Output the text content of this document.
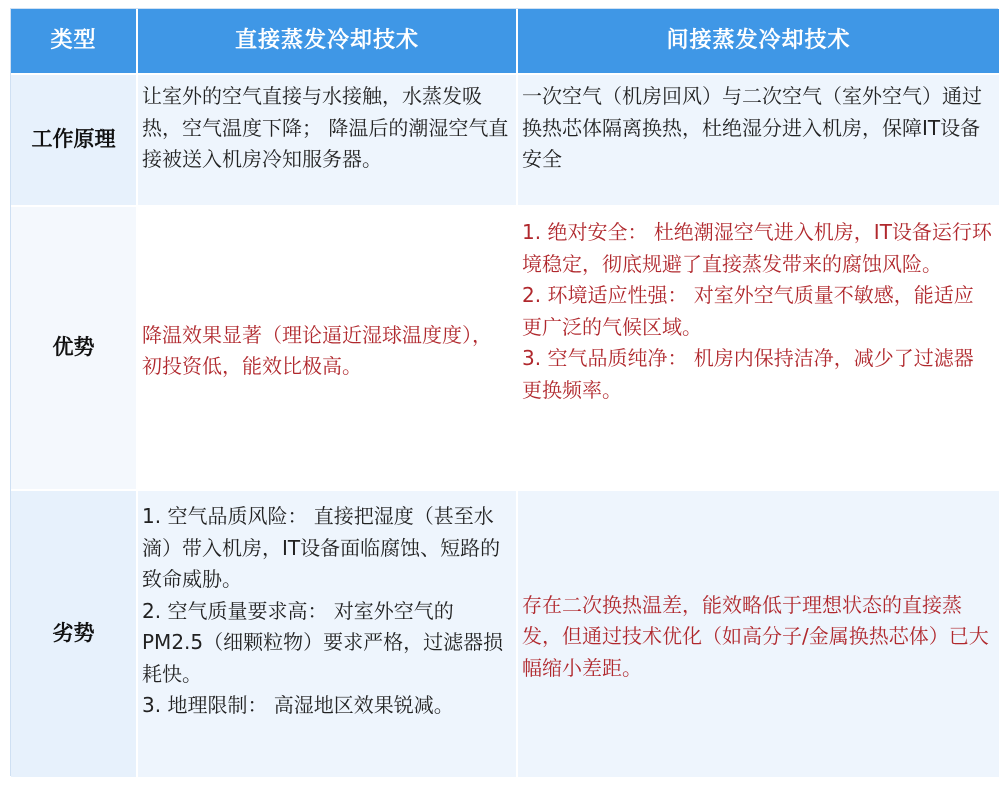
类型	直接蒸发冷却技术	间接蒸发冷却技术
工作原理
让室外的空气直接与水接触，水蒸发吸热，空气温度下降； 降温后的潮湿空气直接被送入机房冷知服务器。
一次空气（机房回风）与二次空气（室外空气）通过换热芯体隔离换热，杜绝湿分进入机房，保障IT设备安全
优势
降温效果显著（理论逼近湿球温度度），初投资低，能效比极高。

1. 绝对安全： 杜绝潮湿空气进入机房，IT设备运行环境稳定，彻底规避了直接蒸发带来的腐蚀风险。

2. 环境适应性强： 对室外空气质量不敏感，能适应更广泛的气候区域。

3. 空气品质纯净： 机房内保持洁净，减少了过滤器更换频率。

劣势

1. 空气品质风险： 直接把湿度（甚至水滴）带入机房，IT设备面临腐蚀、短路的致命威胁。

2. 空气质量要求高： 对室外空气的PM2.5（细颗粒物）要求严格，过滤器损耗快。

3. 地理限制： 高湿地区效果锐减。

存在二次换热温差，能效略低于理想状态的直接蒸发，但通过技术优化（如高分子/金属换热芯体）已大幅缩小差距。
